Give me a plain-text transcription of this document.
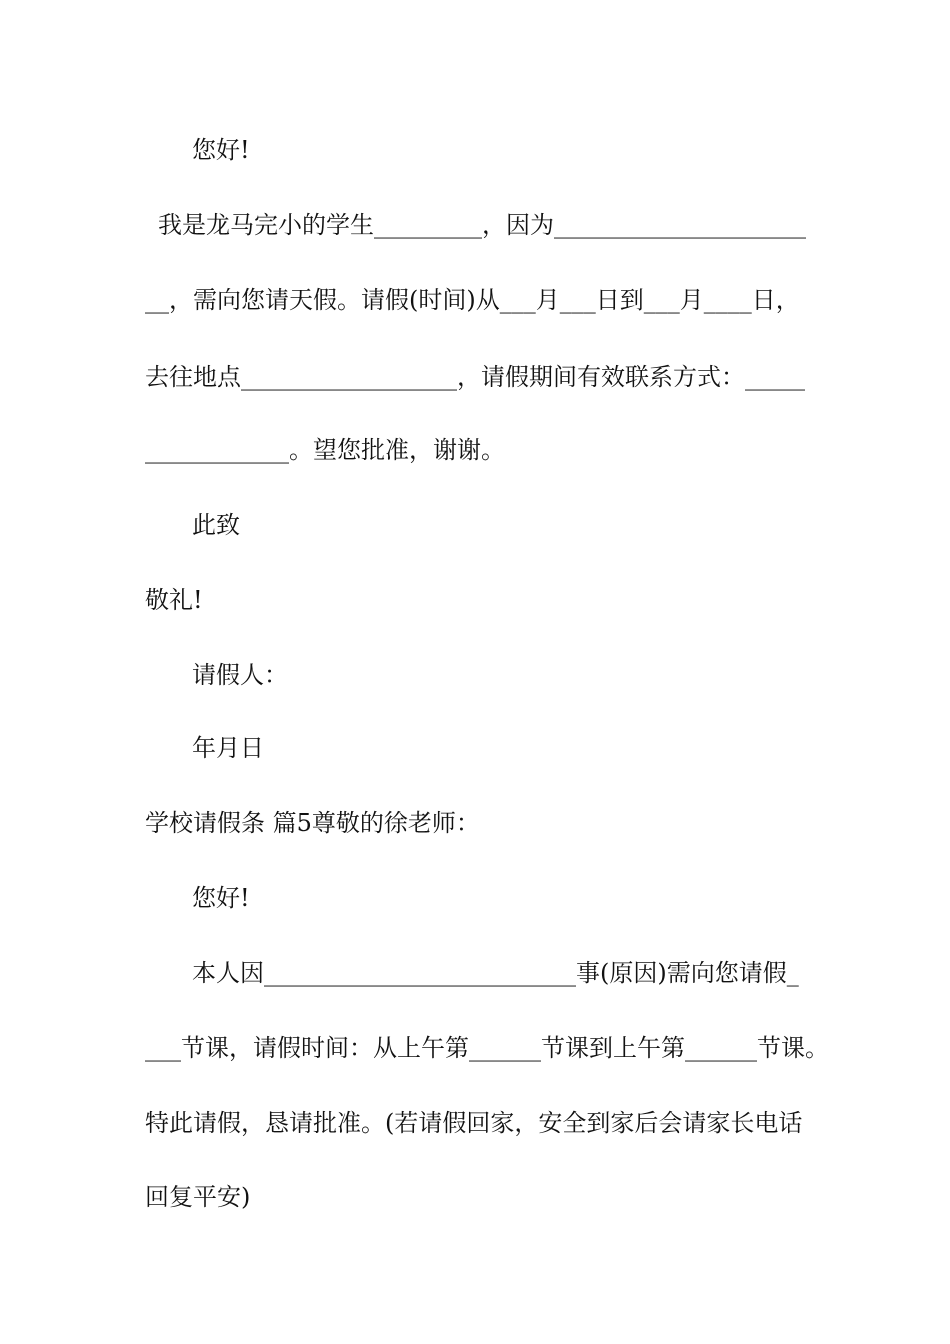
您好!
我是龙马完小的学生_________，因为_____________________
__，需向您请天假。请假(时间)从___月___日到___月____日，
去往地点__________________，请假期间有效联系方式：_____
____________。望您批准，谢谢。
此致
敬礼!
请假人：
年月日
学校请假条 篇5尊敬的徐老师：
您好!
本人因__________________________事(原因)需向您请假_
___节课，请假时间：从上午第______节课到上午第______节课。
特此请假，恳请批准。(若请假回家，安全到家后会请家长电话
回复平安)
